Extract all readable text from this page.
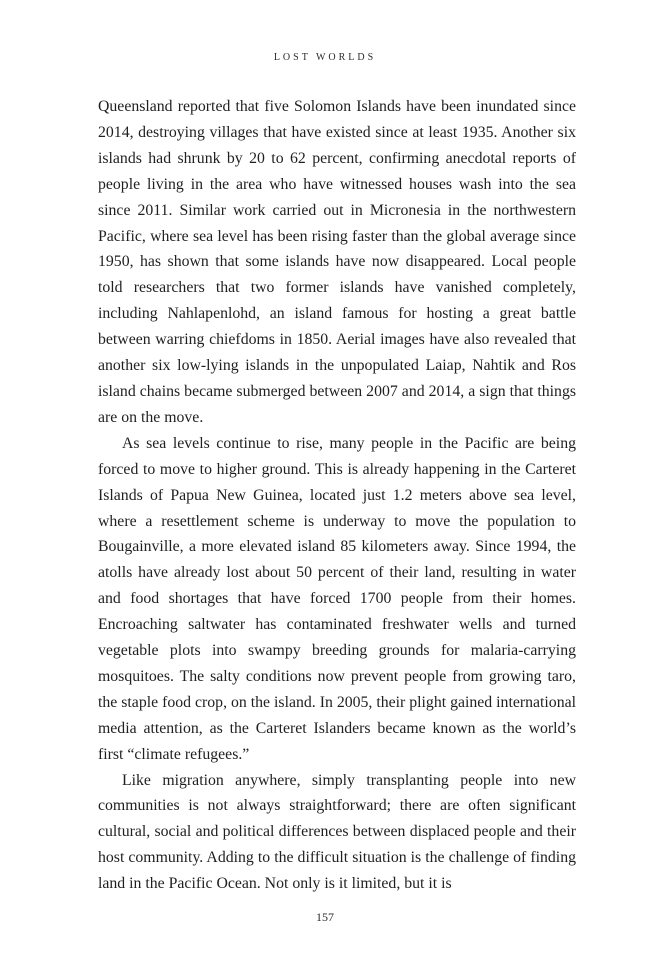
LOST WORLDS

Queensland reported that five Solomon Islands have been inundated since 2014, destroying villages that have existed since at least 1935. Another six islands had shrunk by 20 to 62 percent, confirming anecdotal reports of people living in the area who have witnessed houses wash into the sea since 2011. Similar work carried out in Micronesia in the northwestern Pacific, where sea level has been rising faster than the global average since 1950, has shown that some islands have now disappeared. Local people told researchers that two former islands have vanished completely, including Nahlapenlohd, an island famous for hosting a great battle between warring chiefdoms in 1850. Aerial images have also revealed that another six low-lying islands in the unpopulated Laiap, Nahtik and Ros island chains became submerged between 2007 and 2014, a sign that things are on the move.

As sea levels continue to rise, many people in the Pacific are being forced to move to higher ground. This is already happening in the Carteret Islands of Papua New Guinea, located just 1.2 meters above sea level, where a resettlement scheme is underway to move the population to Bougainville, a more elevated island 85 kilometers away. Since 1994, the atolls have already lost about 50 percent of their land, resulting in water and food shortages that have forced 1700 people from their homes. Encroaching saltwater has contaminated freshwater wells and turned vegetable plots into swampy breeding grounds for malaria-carrying mosquitoes. The salty conditions now prevent people from growing taro, the staple food crop, on the island. In 2005, their plight gained international media attention, as the Carteret Islanders became known as the world’s first “climate refugees.”

Like migration anywhere, simply transplanting people into new communities is not always straightforward; there are often significant cultural, social and political differences between displaced people and their host community. Adding to the difficult situation is the challenge of finding land in the Pacific Ocean. Not only is it limited, but it is

157
